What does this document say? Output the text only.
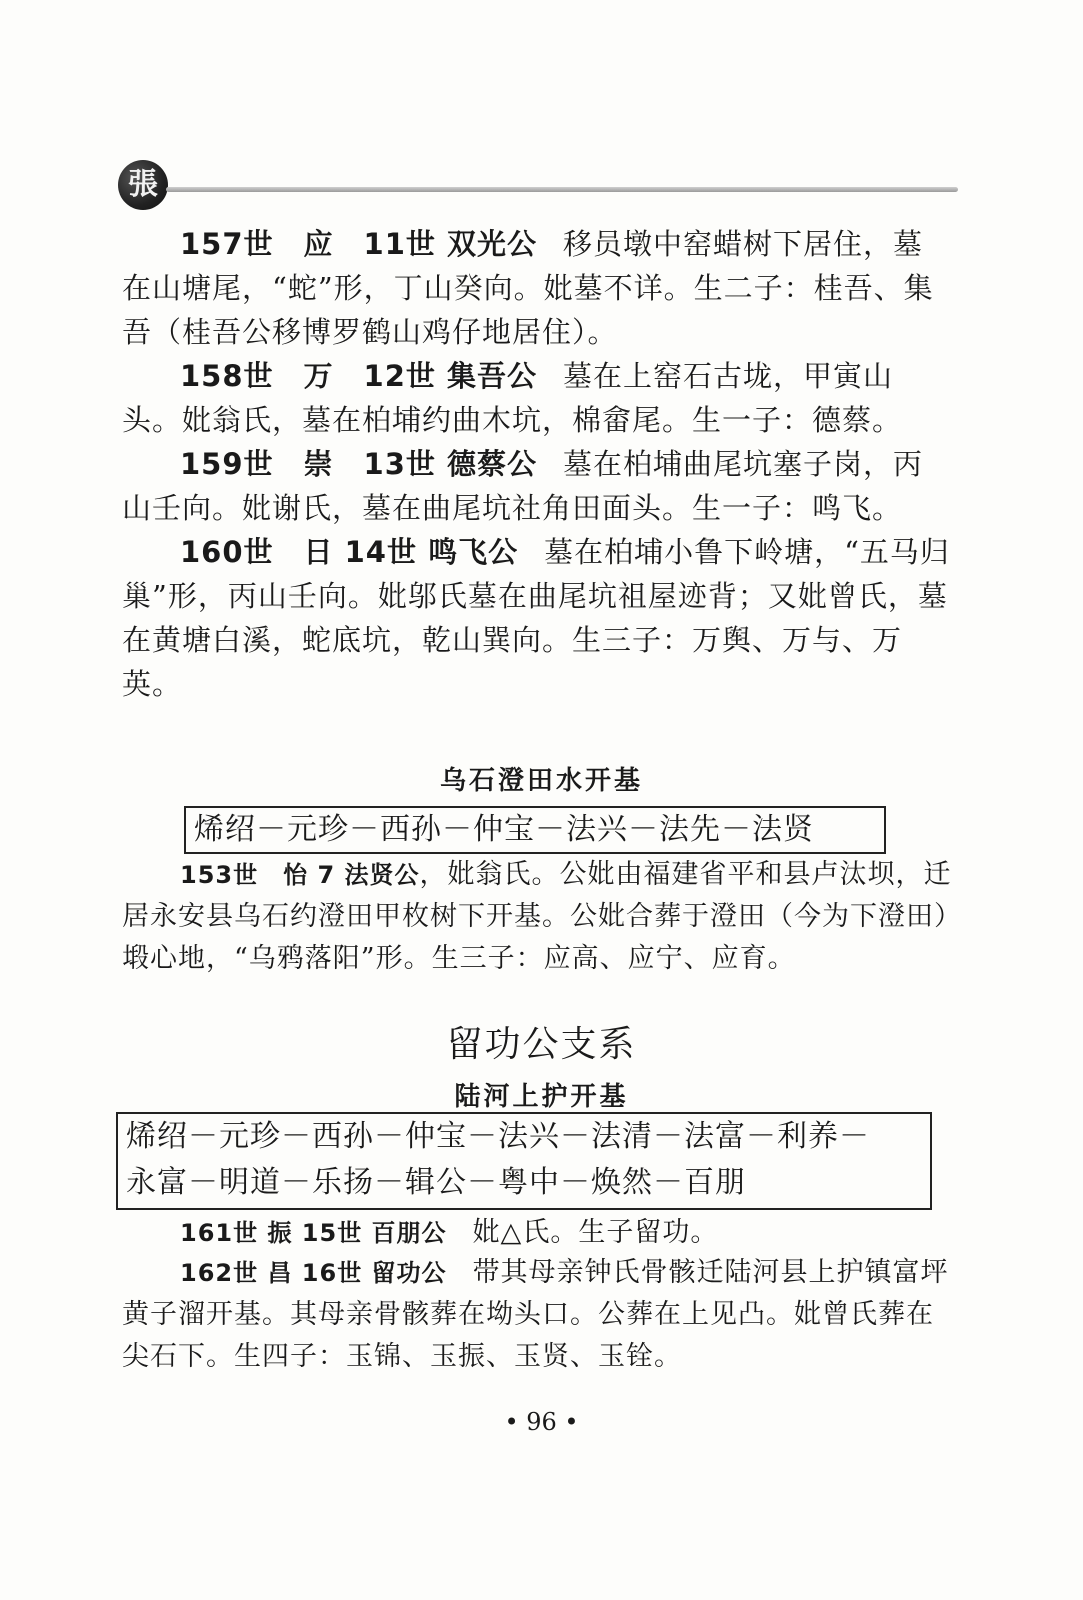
張

157世　应　11世 双光公 移员墩中窑蜡树下居住，墓在山塘尾，“蛇”形，丁山癸向。妣墓不详。生二子：桂吾、集吾（桂吾公移博罗鹤山鸡仔地居住）。

158世　万　12世 集吾公 墓在上窑石古垅，甲寅山头。妣翁氏，墓在柏埔约曲木坑，棉畲尾。生一子：德蔡。

159世　崇　13世 德蔡公 墓在柏埔曲尾坑塞子岗，丙山壬向。妣谢氏，墓在曲尾坑社角田面头。生一子：鸣飞。

160世　日 14世 鸣飞公 墓在柏埔小鲁下岭塘，“五马归巢”形，丙山壬向。妣邬氏墓在曲尾坑祖屋迹背；又妣曾氏，墓在黄塘白溪，蛇底坑，乾山巽向。生三子：万舆、万与、万英。

乌石澄田水开基
烯绍－元珍－西孙－仲宝－法兴－法先－法贤

153世　怡 7 法贤公，妣翁氏。公妣由福建省平和县卢汰坝，迁居永安县乌石约澄田甲枚树下开基。公妣合葬于澄田（今为下澄田）塅心地，“乌鸦落阳”形。生三子：应高、应宁、应育。

留功公支系
陆河上护开基
烯绍－元珍－西孙－仲宝－法兴－法清－法富－利养－
永富－明道－乐扬－辑公－粤中－焕然－百朋

161世 振 15世 百朋公 妣△氏。生子留功。

162世 昌 16世 留功公 带其母亲钟氏骨骸迁陆河县上护镇富坪黄子溜开基。其母亲骨骸葬在坳头口。公葬在上见凸。妣曾氏葬在尖石下。生四子：玉锦、玉振、玉贤、玉铨。

• 96 •
